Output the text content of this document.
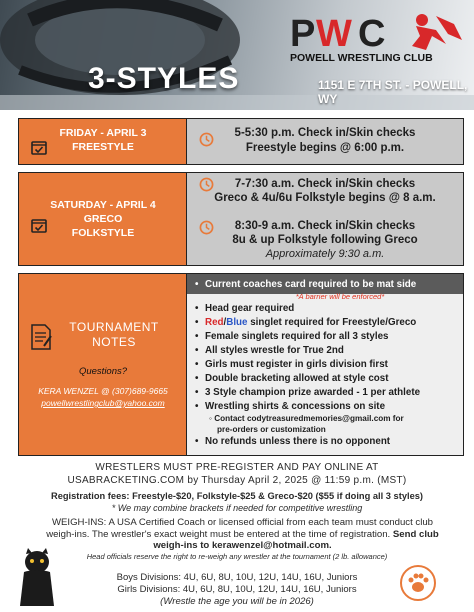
3-STYLES
P W C
POWELL WRESTLING CLUB
1151 E 7TH ST. - POWELL, WY
FRIDAY - APRIL 3
FREESTYLE
5-5:30 p.m. Check in/Skin checks
Freestyle begins @ 6:00 p.m.
SATURDAY - APRIL 4
GRECO
FOLKSTYLE
7-7:30 a.m. Check in/Skin checks
Greco & 4u/6u Folkstyle begins @ 8 a.m.
8:30-9 a.m. Check in/Skin checks
8u & up Folkstyle following Greco
Approximately 9:30 a.m.
TOURNAMENT
NOTES
Questions?
KERA WENZEL @ (307)689-9665
powellwrestlingclub@yahoo.com
• Current coaches card required to be mat side
*A barrier will be enforced*
• Head gear required
• Red/Blue singlet required for Freestyle/Greco
• Female singlets required for all 3 styles
• All styles wrestle for True 2nd
• Girls must register in girls division first
• Double bracketing allowed at style cost
• 3 Style champion prize awarded - 1 per athlete
• Wrestling shirts & concessions on site
◦ Contact codytreasuredmemories@gmail.com for
pre-orders or customization
• No refunds unless there is no opponent
WRESTLERS MUST PRE-REGISTER AND PAY ONLINE AT
USABRACKETING.COM by Thursday April 2, 2025 @ 11:59 p.m. (MST)
Registration fees: Freestyle-$20, Folkstyle-$25 & Greco-$20 ($55 if doing all 3 styles)
* We may combine brackets if needed for competitive wrestling
WEIGH-INS: A USA Certified Coach or licensed official from each team must conduct club weigh-ins. The wrestler's exact weight must be entered at the time of registration. Send club weigh-ins to kerawenzel@hotmail.com.
Head officials reserve the right to re-weigh any wrestler at the tournament (2 lb. allowance)
Boys Divisions: 4U, 6U, 8U, 10U, 12U, 14U, 16U, Juniors
Girls Divisions: 4U, 6U, 8U, 10U, 12U, 14U, 16U, Juniors
(Wrestle the age you will be in 2026)
